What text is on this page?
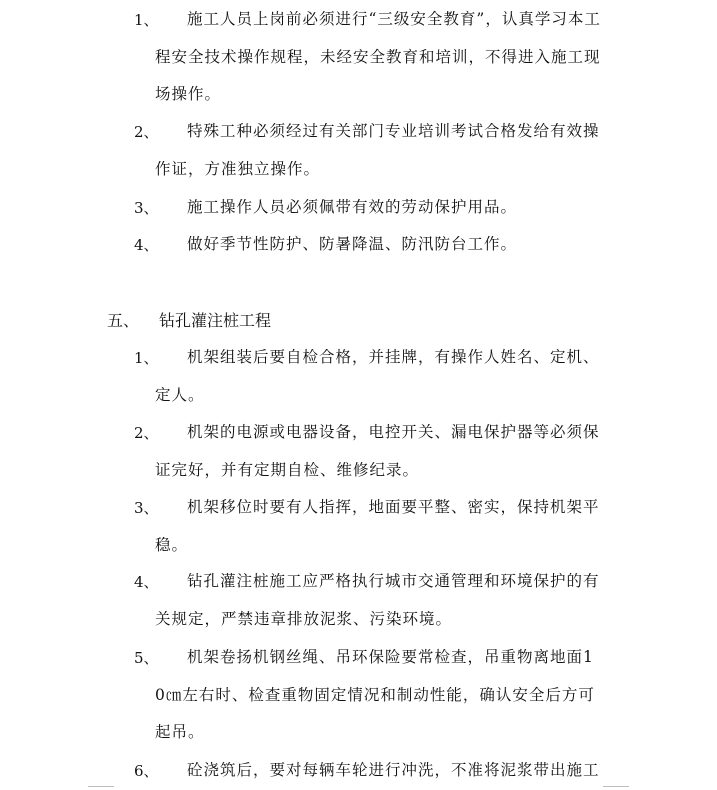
1、	施工人员上岗前必须进行“三级安全教育”，认真学习本工程安全技术操作规程，未经安全教育和培训，不得进入施工现场操作。
2、	特殊工种必须经过有关部门专业培训考试合格发给有效操作证，方准独立操作。
3、	施工操作人员必须佩带有效的劳动保护用品。
4、	做好季节性防护、防暑降温、防汛防台工作。
五、 钻孔灌注桩工程
1、	机架组装后要自检合格，并挂牌，有操作人姓名、定机、定人。
2、	机架的电源或电器设备，电控开关、漏电保护器等必须保证完好，并有定期自检、维修纪录。
3、	机架移位时要有人指挥，地面要平整、密实，保持机架平稳。
4、	钻孔灌注桩施工应严格执行城市交通管理和环境保护的有关规定，严禁违章排放泥浆、污染环境。
5、	机架卷扬机钢丝绳、吊环保险要常检查，吊重物离地面10㎝左右时、检查重物固定情况和制动性能，确认安全后方可起吊。
6、	砼浇筑后，要对每辆车轮进行冲洗，不准将泥浆带出施工
